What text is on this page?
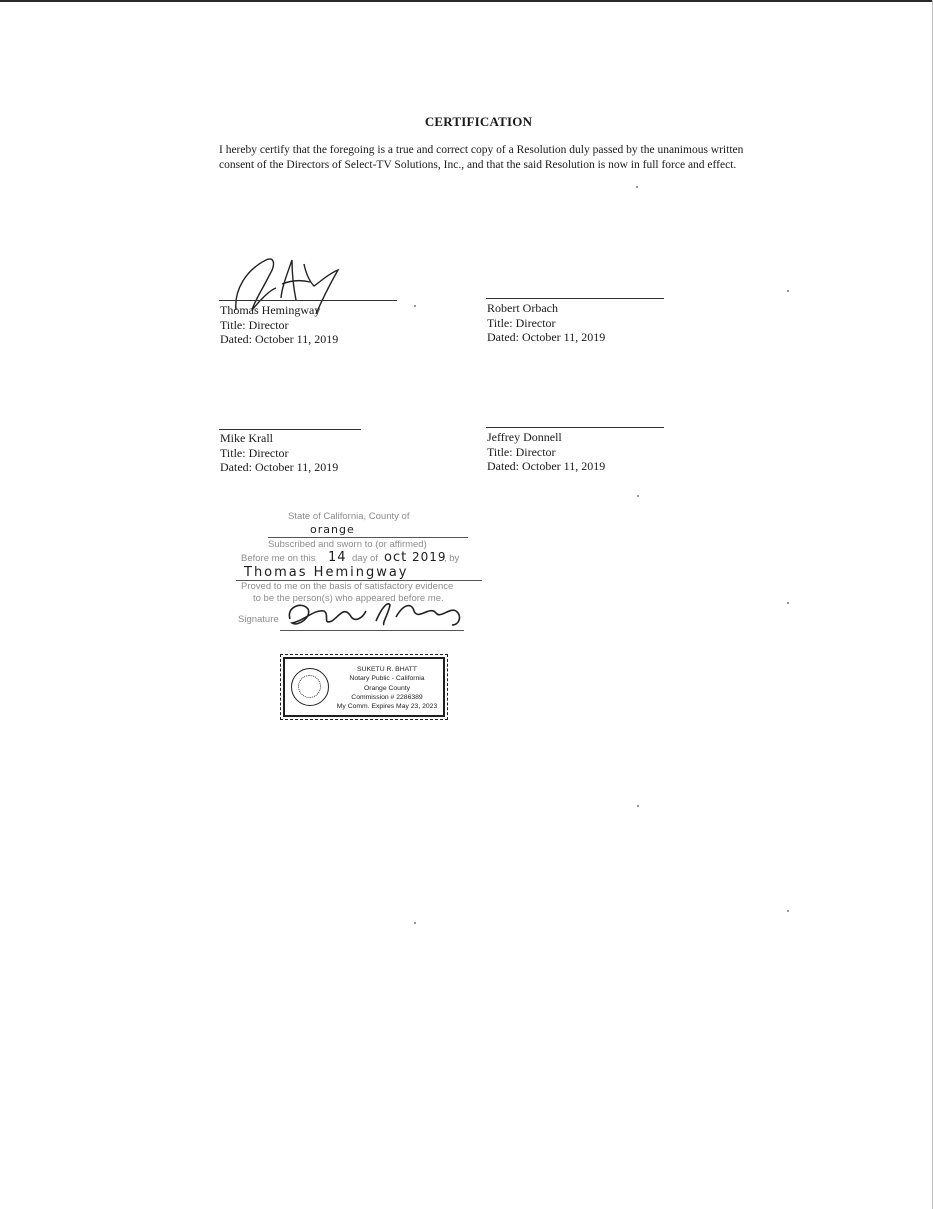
CERTIFICATION
I hereby certify that the foregoing is a true and correct copy of a Resolution duly passed by the unanimous written consent of the Directors of Select-TV Solutions, Inc., and that the said Resolution is now in full force and effect.
Thomas Hemingway
Title: Director
Dated: October 11, 2019
Robert Orbach
Title: Director
Dated: October 11, 2019
Mike Krall
Title: Director
Dated: October 11, 2019
Jeffrey Donnell
Title: Director
Dated: October 11, 2019
State of California, County of
orange
Subscribed and sworn to (or affirmed)
Before me on this 14 day of oct 2019
, by
Thomas Hemingway
Proved to me on the basis of satisfactory evidence
to be the person(s) who appeared before me.
Signature
SUKETU R. BHATT
Notary Public - California
Orange County
Commission # 2286389
My Comm. Expires May 23, 2023
